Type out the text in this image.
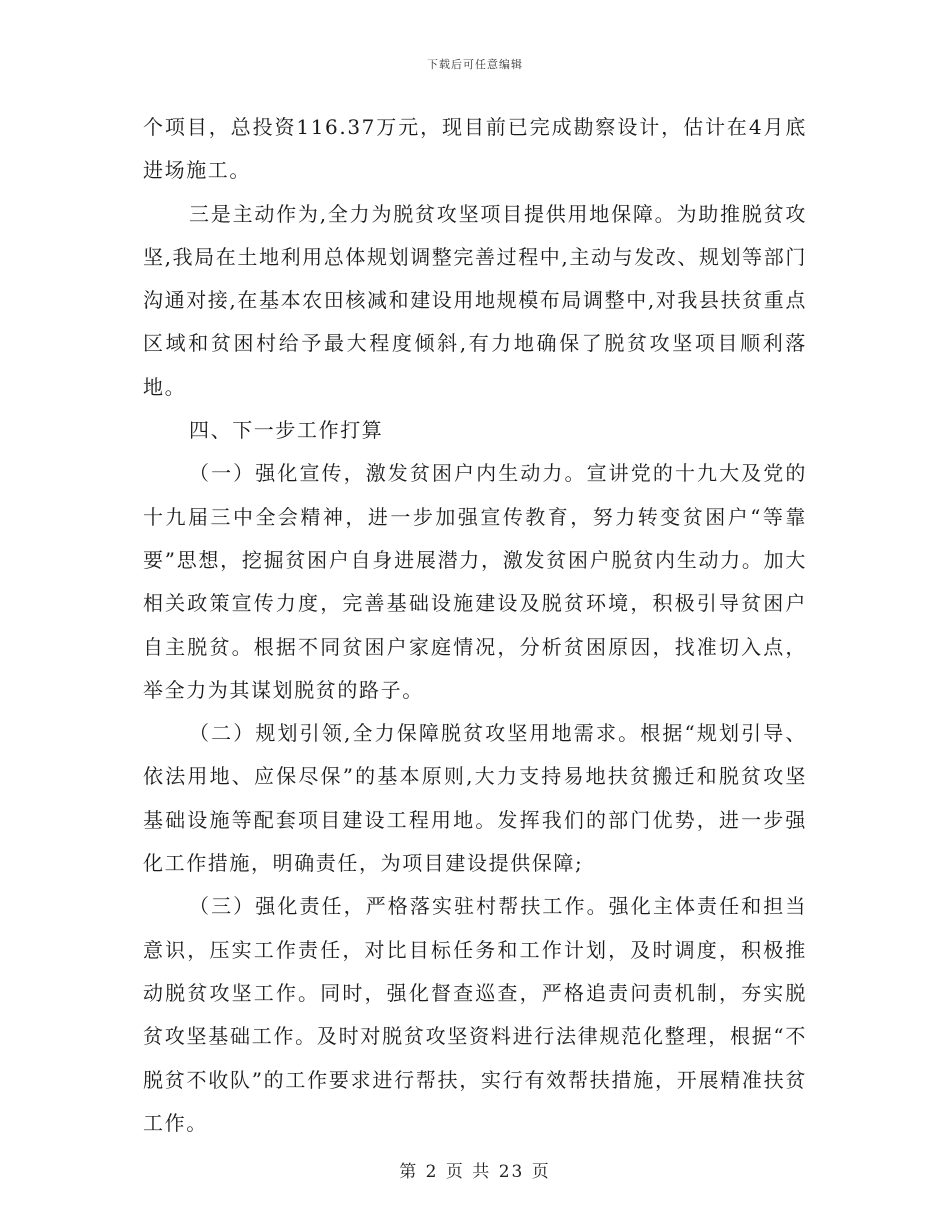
下载后可任意编辑

个项目，总投资116.37万元，现目前已完成勘察设计，估计在4月底进场施工。

三是主动作为,全力为脱贫攻坚项目提供用地保障。为助推脱贫攻坚,我局在土地利用总体规划调整完善过程中,主动与发改、规划等部门沟通对接,在基本农田核减和建设用地规模布局调整中,对我县扶贫重点区域和贫困村给予最大程度倾斜,有力地确保了脱贫攻坚项目顺利落地。

四、下一步工作打算

（一）强化宣传，激发贫困户内生动力。宣讲党的十九大及党的十九届三中全会精神，进一步加强宣传教育，努力转变贫困户“等靠要”思想，挖掘贫困户自身进展潜力，激发贫困户脱贫内生动力。加大相关政策宣传力度，完善基础设施建设及脱贫环境，积极引导贫困户自主脱贫。根据不同贫困户家庭情况，分析贫困原因，找准切入点，举全力为其谋划脱贫的路子。

（二）规划引领,全力保障脱贫攻坚用地需求。根据“规划引导、依法用地、应保尽保”的基本原则,大力支持易地扶贫搬迁和脱贫攻坚基础设施等配套项目建设工程用地。发挥我们的部门优势，进一步强化工作措施，明确责任，为项目建设提供保障;

（三）强化责任，严格落实驻村帮扶工作。强化主体责任和担当意识，压实工作责任，对比目标任务和工作计划，及时调度，积极推动脱贫攻坚工作。同时，强化督查巡查，严格追责问责机制，夯实脱贫攻坚基础工作。及时对脱贫攻坚资料进行法律规范化整理，根据“不脱贫不收队”的工作要求进行帮扶，实行有效帮扶措施，开展精准扶贫工作。

第 2 页 共 23 页
